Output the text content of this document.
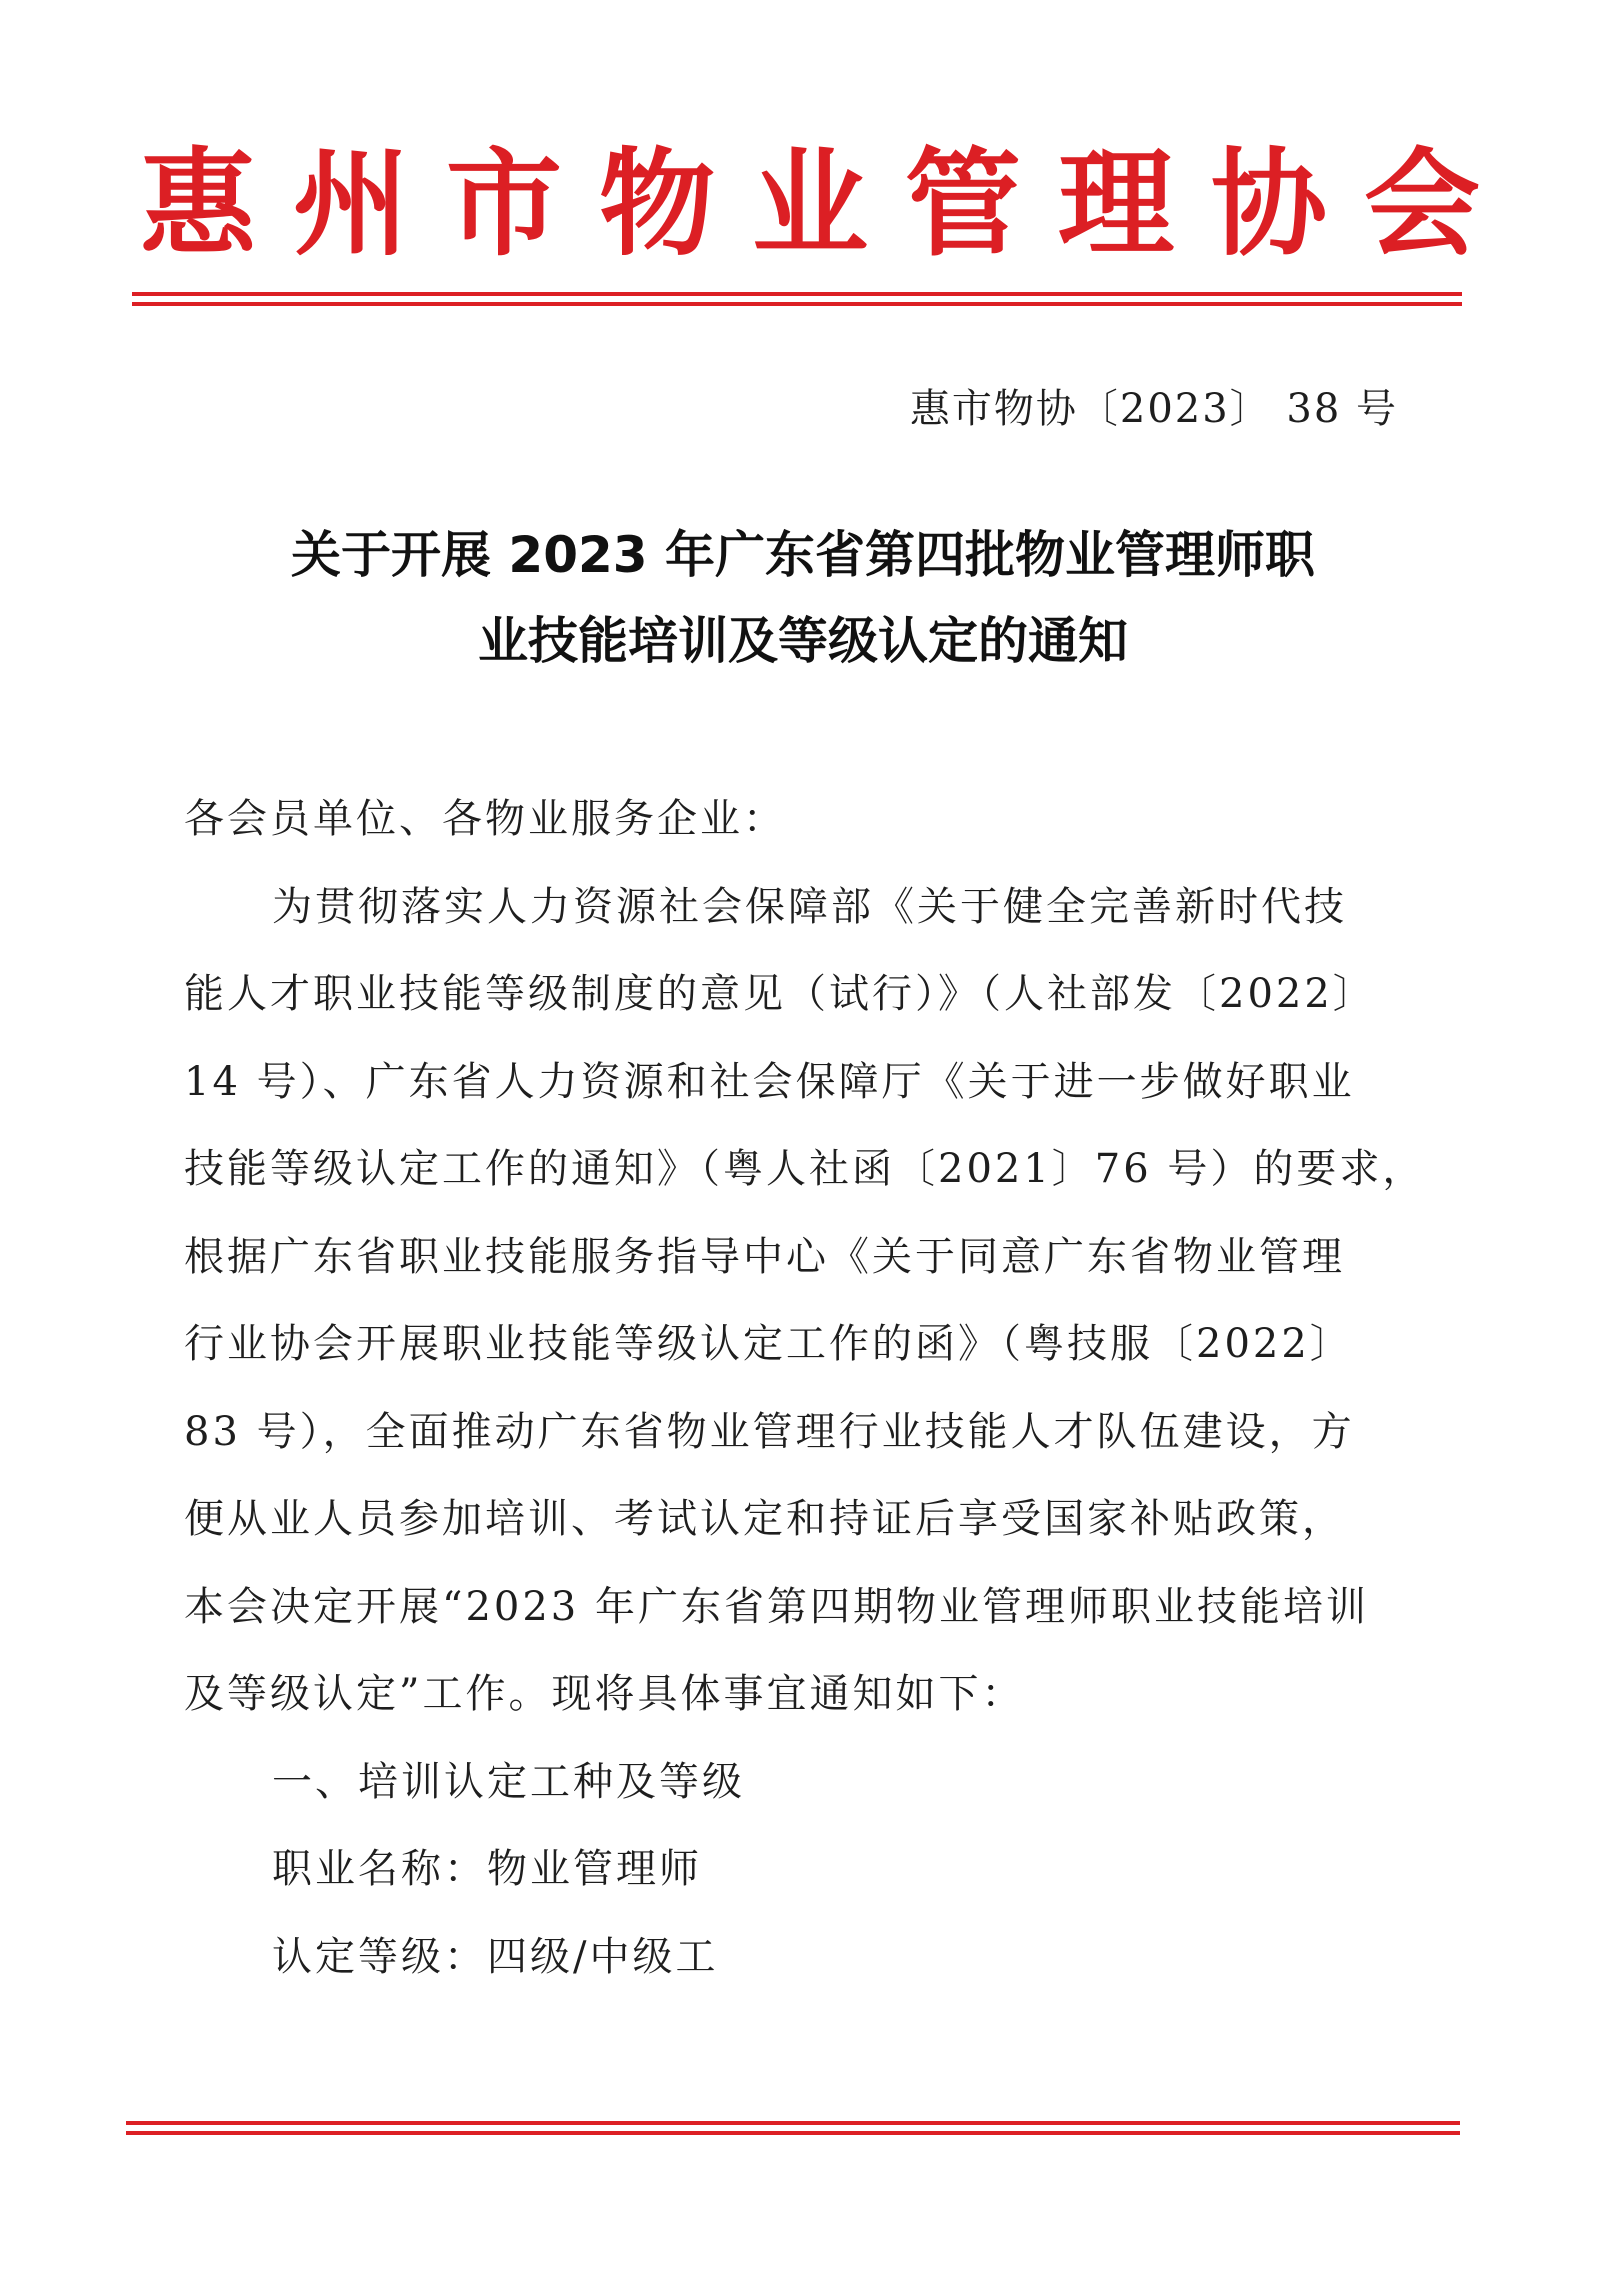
惠 州 市 物 业 管 理 协 会
惠市物协〔2023〕 38 号
关于开展 2023 年广东省第四批物业管理师职
业技能培训及等级认定的通知
各会员单位、各物业服务企业：
为贯彻落实人力资源社会保障部《关于健全完善新时代技
能人才职业技能等级制度的意见（试行）》（人社部发〔2022〕
14 号）、广东省人力资源和社会保障厅《关于进一步做好职业
技能等级认定工作的通知》（粤人社函〔2021〕76 号）的要求，
根据广东省职业技能服务指导中心《关于同意广东省物业管理
行业协会开展职业技能等级认定工作的函》（粤技服〔2022〕
83 号），全面推动广东省物业管理行业技能人才队伍建设，方
便从业人员参加培训、考试认定和持证后享受国家补贴政策，
本会决定开展“2023 年广东省第四期物业管理师职业技能培训
及等级认定”工作。现将具体事宜通知如下：
一、培训认定工种及等级
职业名称：物业管理师
认定等级：四级/中级工
